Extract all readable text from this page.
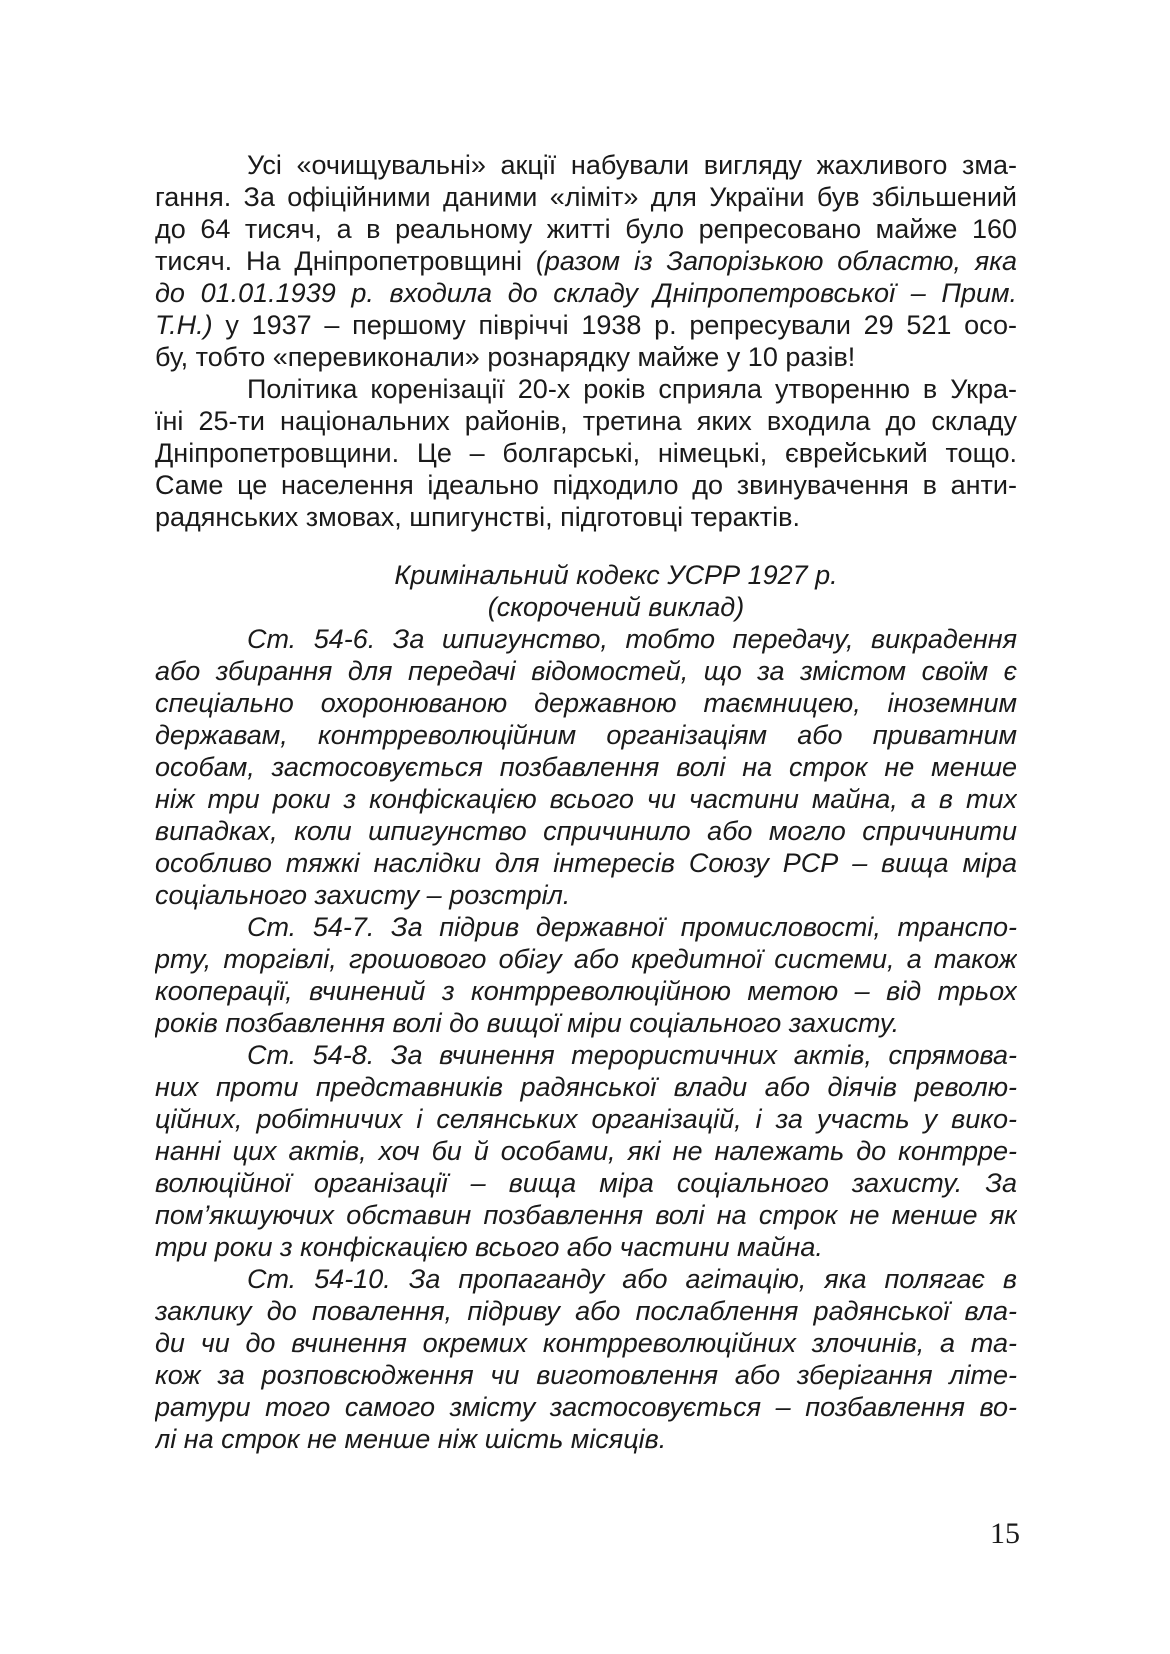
Усі «очищувальні» акції набували вигляду жахливого зма-
гання. За офіційними даними «ліміт» для України був збільшений
до 64 тисяч, а в реальному житті було репресовано майже 160
тисяч. На Дніпропетровщині (разом із Запорізькою областю, яка
до 01.01.1939 р. входила до складу Дніпропетровської – Прим.
Т.Н.) у 1937 – першому півріччі 1938 р. репресували 29 521 осо-
бу, тобто «перевиконали» рознарядку майже у 10 разів!
Політика коренізації 20-х років сприяла утворенню в Укра-
їні 25-ти національних районів, третина яких входила до складу
Дніпропетровщини. Це – болгарські, німецькі, єврейський тощо.
Саме це населення ідеально підходило до звинувачення в анти-
радянських змовах, шпигунстві, підготовці терактів.
Кримінальний кодекс УСРР 1927 р.
(скорочений виклад)
Ст. 54-6. За шпигунство, тобто передачу, викрадення
або збирання для передачі відомостей, що за змістом своїм є
спеціально охоронюваною державною таємницею, іноземним
державам, контрреволюційним організаціям або приватним
особам, застосовується позбавлення волі на строк не менше
ніж три роки з конфіскацією всього чи частини майна, а в тих
випадках, коли шпигунство спричинило або могло спричинити
особливо тяжкі наслідки для інтересів Союзу РСР – вища міра
соціального захисту – розстріл.
Ст. 54-7. За підрив державної промисловості, транспо-
рту, торгівлі, грошового обігу або кредитної системи, а також
кооперації, вчинений з контрреволюційною метою – від трьох
років позбавлення волі до вищої міри соціального захисту.
Ст. 54-8. За вчинення терористичних актів, спрямова-
них проти представників радянської влади або діячів револю-
ційних, робітничих і селянських організацій, і за участь у вико-
нанні цих актів, хоч би й особами, які не належать до контрре-
волюційної організації – вища міра соціального захисту. За
пом’якшуючих обставин позбавлення волі на строк не менше як
три роки з конфіскацією всього або частини майна.
Ст. 54-10. За пропаганду або агітацію, яка полягає в
заклику до повалення, підриву або послаблення радянської вла-
ди чи до вчинення окремих контрреволюційних злочинів, а та-
кож за розповсюдження чи виготовлення або зберігання літе-
ратури того самого змісту застосовується – позбавлення во-
лі на строк не менше ніж шість місяців.
15
